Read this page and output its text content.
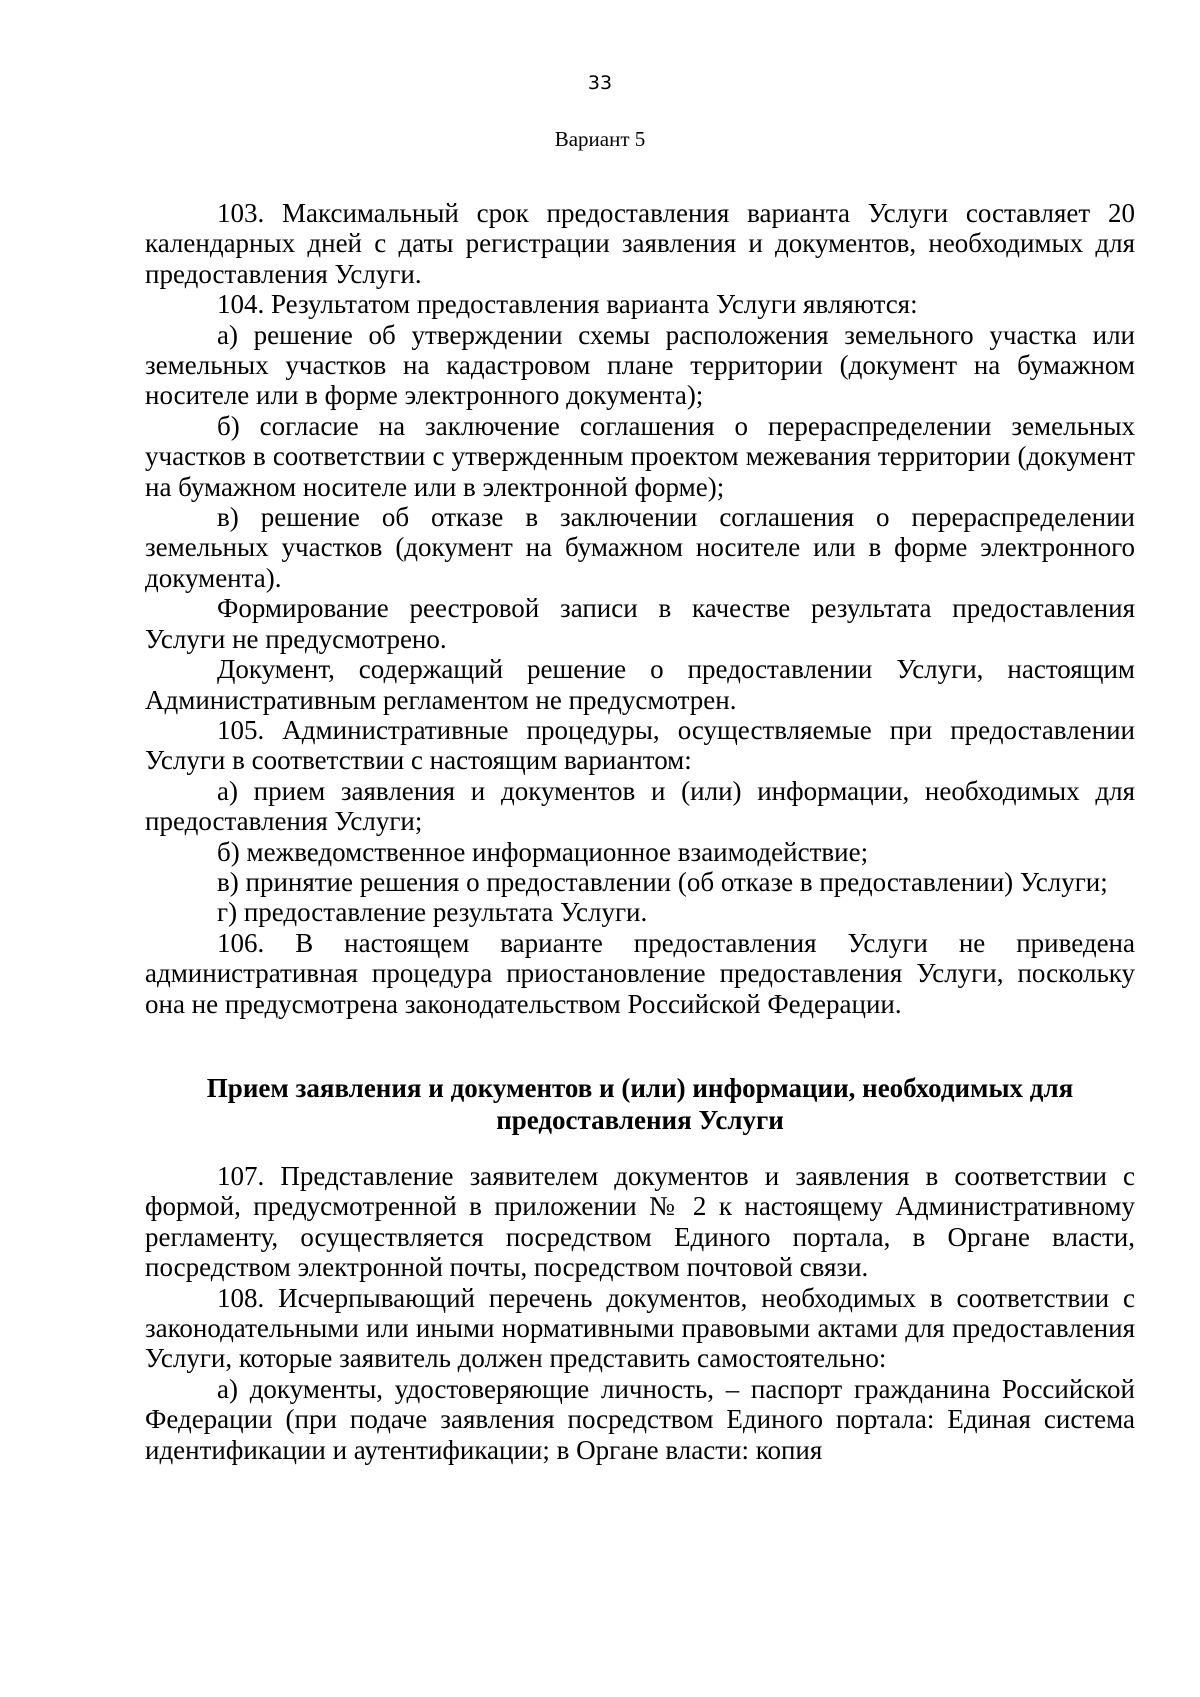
33
Вариант 5

103. Максимальный срок предоставления варианта Услуги составляет 20 календарных дней с даты регистрации заявления и документов, необходимых для предоставления Услуги.

104. Результатом предоставления варианта Услуги являются:

а) решение об утверждении схемы расположения земельного участка или земельных участков на кадастровом плане территории (документ на бумажном носителе или в форме электронного документа);

б) согласие на заключение соглашения о перераспределении земельных участков в соответствии с утвержденным проектом межевания территории (документ на бумажном носителе или в электронной форме);

в) решение об отказе в заключении соглашения о перераспределении земельных участков (документ на бумажном носителе или в форме электронного документа).

Формирование реестровой записи в качестве результата предоставления Услуги не предусмотрено.

Документ, содержащий решение о предоставлении Услуги, настоящим Административным регламентом не предусмотрен.

105. Административные процедуры, осуществляемые при предоставлении Услуги в соответствии с настоящим вариантом:

а) прием заявления и документов и (или) информации, необходимых для предоставления Услуги;

б) межведомственное информационное взаимодействие;

в) принятие решения о предоставлении (об отказе в предоставлении) Услуги;

г) предоставление результата Услуги.

106. В настоящем варианте предоставления Услуги не приведена административная процедура приостановление предоставления Услуги, поскольку она не предусмотрена законодательством Российской Федерации.

Прием заявления и документов и (или) информации, необходимых для предоставления Услуги

107. Представление заявителем документов и заявления в соответствии с формой, предусмотренной в приложении № 2 к настоящему Административному регламенту, осуществляется посредством Единого портала, в Органе власти, посредством электронной почты, посредством почтовой связи.

108. Исчерпывающий перечень документов, необходимых в соответствии с законодательными или иными нормативными правовыми актами для предоставления Услуги, которые заявитель должен представить самостоятельно:

а) документы, удостоверяющие личность, – паспорт гражданина Российской Федерации (при подаче заявления посредством Единого портала: Единая система идентификации и аутентификации; в Органе власти: копия
